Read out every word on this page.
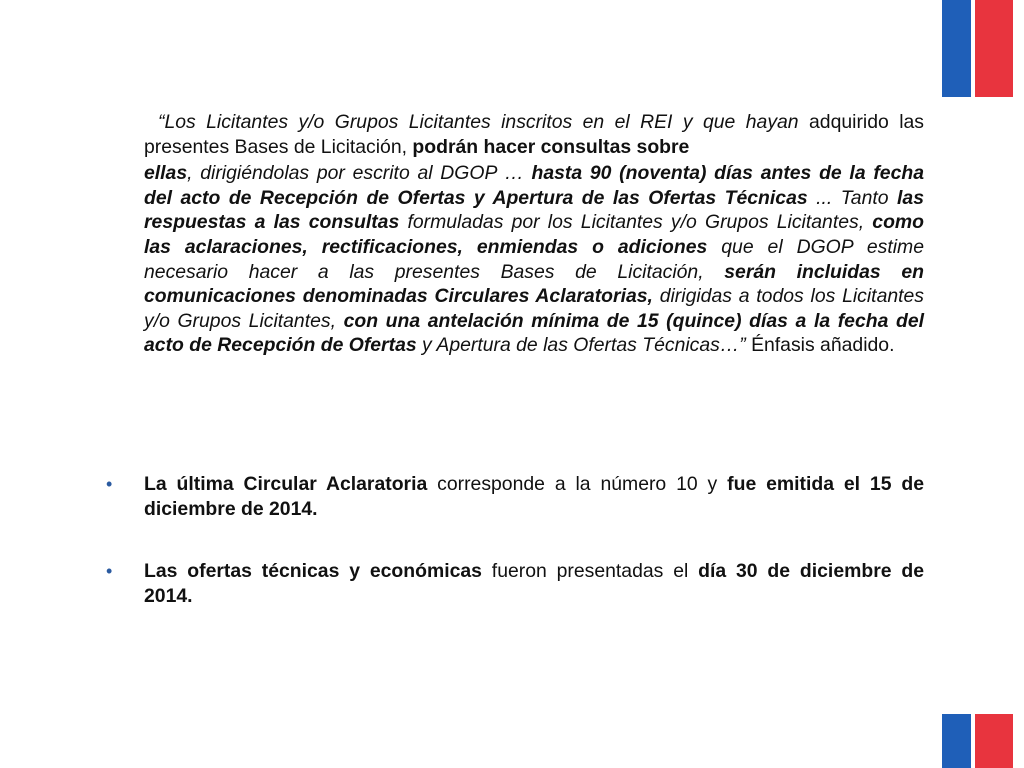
“Los Licitantes y/o Grupos Licitantes inscritos en el REI y que hayan adquirido las presentes Bases de Licitación, podrán hacer consultas sobre

ellas, dirigiéndolas por escrito al DGOP … hasta 90 (noventa) días antes de la fecha del acto de Recepción de Ofertas y Apertura de las Ofertas Técnicas ... Tanto las respuestas a las consultas formuladas por los Licitantes y/o Grupos Licitantes, como las aclaraciones, rectificaciones, enmiendas o adiciones que el DGOP estime necesario hacer a las presentes Bases de Licitación, serán incluidas en comunicaciones denominadas Circulares Aclaratorias, dirigidas a todos los Licitantes y/o Grupos Licitantes, con una antelación mínima de 15 (quince) días a la fecha del acto de Recepción de Ofertas y Apertura de las Ofertas Técnicas…” Énfasis añadido.

• La última Circular Aclaratoria corresponde a la número 10 y fue emitida el 15 de diciembre de 2014.
• Las ofertas técnicas y económicas fueron presentadas el día 30 de diciembre de 2014.
